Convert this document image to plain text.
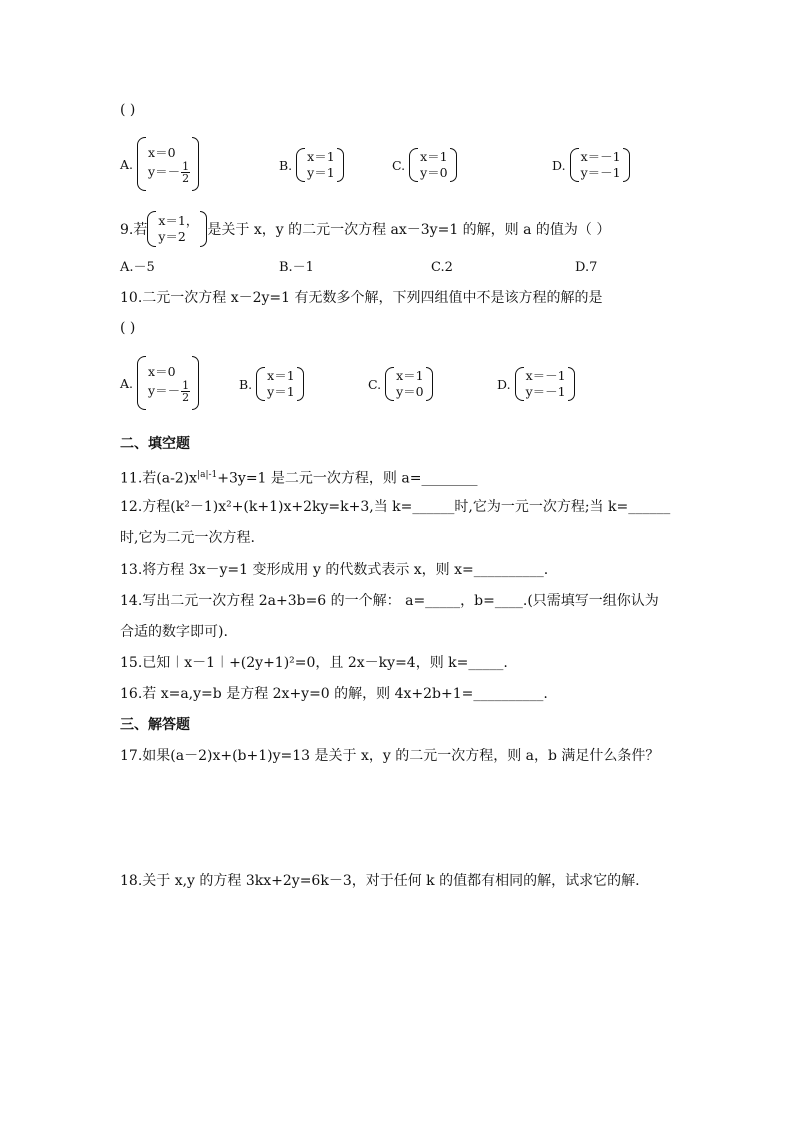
( )
A.
x＝0
$y=- \frac{1}{2}$	B.
x＝1
y＝1	C.
x＝1
y＝0	D.
x＝－1
y＝－1
9.若
x＝1，
y＝2	是关于 x，y 的二元一次方程 ax－3y=1 的解，则 a 的值为（ ）
A.－5	B.－1	C.2	D.7
10.二元一次方程 x－2y=1 有无数多个解，下列四组值中不是该方程的解的是
( )
A.
x＝0
$y=- \frac{1}{2}$	B.
x＝1
y＝1	C.
x＝1
y＝0	D.
x＝－1
y＝－1
二、填空题
11.若$(a-2)x^{|a|-1}+3y=1$ 是二元一次方程，则 a=________
12.方程(k²－1)x²+(k+1)x+2ky=k+3,当 k=______时,它为一元一次方程;当 k=______
时,它为二元一次方程.
13.将方程 3x－y=1 变形成用 y 的代数式表示 x，则 x=__________.
14.写出二元一次方程 2a+3b=6 的一个解： a=_____，b=____.(只需填写一组你认为
合适的数字即可).
15.已知︱x－1︱+(2y+1)²=0，且 2x－ky=4，则 k=_____.
16.若 x=a,y=b 是方程 2x+y=0 的解，则 4x+2b+1=__________.
三、解答题
17.如果(a－2)x+(b+1)y=13 是关于 x，y 的二元一次方程，则 a，b 满足什么条件？
18.关于 x,y 的方程 3kx+2y=6k－3，对于任何 k 的值都有相同的解，试求它的解.
